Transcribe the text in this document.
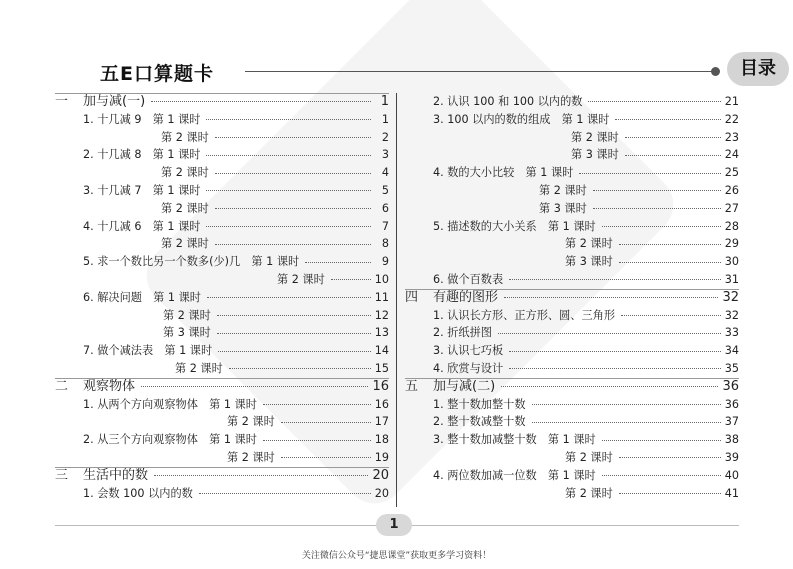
五E口算题卡	目录
一 加与减(一)	1
1. 十几减 9　第 1 课时	1
第 2 课时	2
2. 十几减 8　第 1 课时	3
第 2 课时	4
3. 十几减 7　第 1 课时	5
第 2 课时	6
4. 十几减 6　第 1 课时	7
第 2 课时	8
5. 求一个数比另一个数多(少)几　第 1 课时	9
第 2 课时	10
6. 解决问题　第 1 课时	11
第 2 课时	12
第 3 课时	13
7. 做个减法表　第 1 课时	14
第 2 课时	15
二 观察物体	16
1. 从两个方向观察物体　第 1 课时	16
第 2 课时	17
2. 从三个方向观察物体　第 1 课时	18
第 2 课时	19
三 生活中的数	20
1. 会数 100 以内的数	20
2. 认识 100 和 100 以内的数	21
3. 100 以内的数的组成　第 1 课时	22
第 2 课时	23
第 3 课时	24
4. 数的大小比较　第 1 课时	25
第 2 课时	26
第 3 课时	27
5. 描述数的大小关系　第 1 课时	28
第 2 课时	29
第 3 课时	30
6. 做个百数表	31
四 有趣的图形	32
1. 认识长方形、正方形、圆、三角形	32
2. 折纸拼图	33
3. 认识七巧板	34
4. 欣赏与设计	35
五 加与减(二)	36
1. 整十数加整十数	36
2. 整十数减整十数	37
3. 整十数加减整十数　第 1 课时	38
第 2 课时	39
4. 两位数加减一位数　第 1 课时	40
第 2 课时	41
1
关注微信公众号“捷思课堂”获取更多学习资料！
